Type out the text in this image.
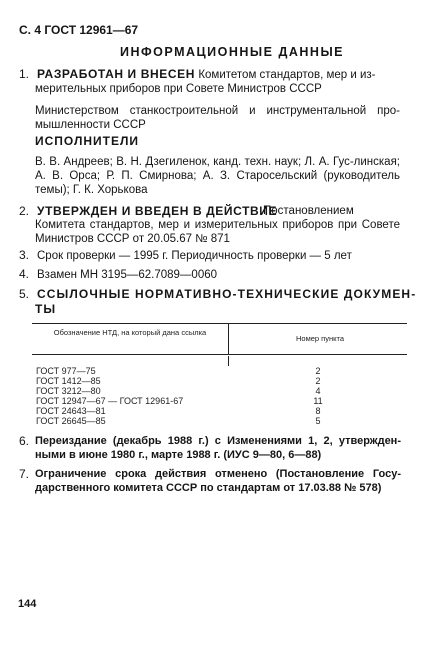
С. 4 ГОСТ 12961—67
ИНФОРМАЦИОННЫЕ ДАННЫЕ
1. РАЗРАБОТАН И ВНЕСЕН Комитетом стандартов, мер и из-
мерительных приборов при Совете Министров СССР
Министерством станкостроительной и инструментальной про-мышленности СССР
ИСПОЛНИТЕЛИ
В. В. Андреев; В. Н. Дзегиленок, канд. техн. наук; Л. А. Гус-линская; А. В. Орса; Р. П. Смирнова; А. З. Старосельский (руководитель темы); Г. К. Хорькова
2. УТВЕРЖДЕН И ВВЕДЕН В ДЕЙСТВИЕ
Постановлением Комитета стандартов, мер и измерительных приборов при Совете Министров СССР от 20.05.67 № 871
3. Срок проверки — 1995 г. Периодичность проверки — 5 лет
4. Взамен МН 3195—62.7089—0060
5. ССЫЛОЧНЫЕ НОРМАТИВНО-ТЕХНИЧЕСКИЕ ДОКУМЕН-
ТЫ
Обозначение НТД, на который дана ссылка
Номер пункта
ГОСТ 977—75	2
ГОСТ 1412—85	2
ГОСТ 3212—80	4
ГОСТ 12947—67 — ГОСТ 12961-67	11
ГОСТ 24643—81	8
ГОСТ 26645—85	5
6. Переиздание (декабрь 1988 г.) с Изменениями 1, 2, утвержден-ными в июне 1980 г., марте 1988 г. (ИУС 9—80, 6—88)
7. Ограничение срока действия отменено (Постановление Госу-дарственного комитета СССР по стандартам от 17.03.88 № 578)
144
